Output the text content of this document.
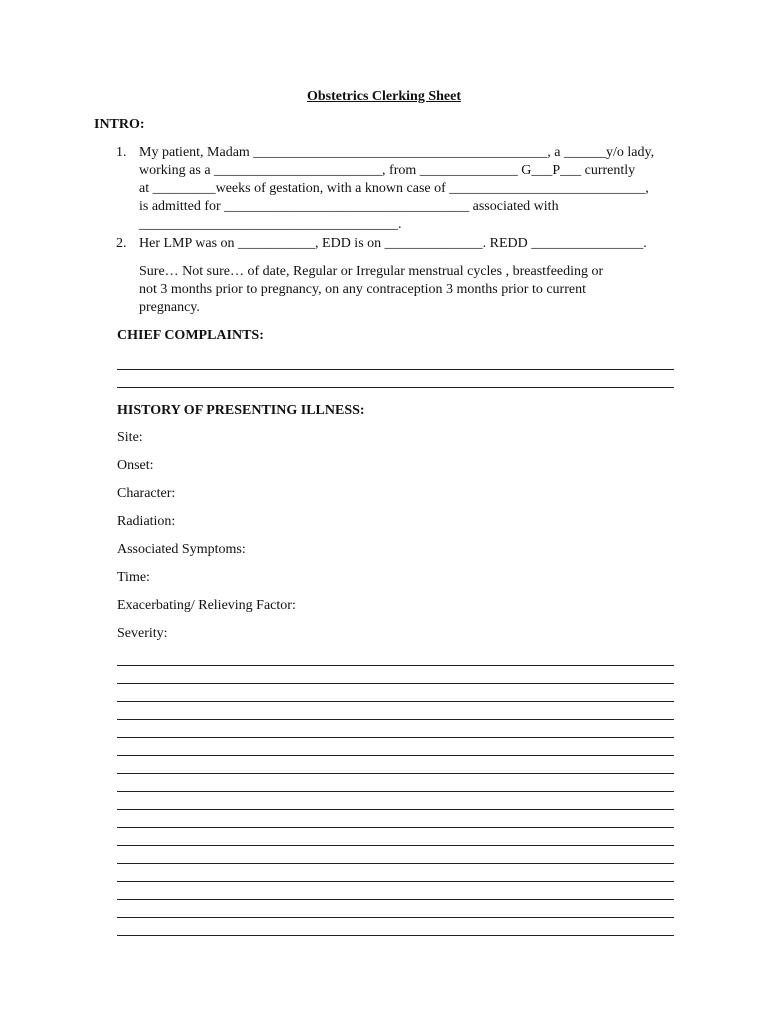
Obstetrics Clerking Sheet
INTRO:
1. My patient, Madam __________________________________________, a ______y/o lady,
working as a ________________________, from ______________ G___P___ currently
at _________weeks of gestation, with a known case of ____________________________,
is admitted for ___________________________________ associated with
_____________________________________.
2. Her LMP was on ___________, EDD is on ______________. REDD ________________.
Sure… Not sure… of date, Regular or Irregular menstrual cycles , breastfeeding or
not 3 months prior to pregnancy, on any contraception 3 months prior to current
pregnancy.
CHIEF COMPLAINTS:
HISTORY OF PRESENTING ILLNESS:
Site:
Onset:
Character:
Radiation:
Associated Symptoms:
Time:
Exacerbating/ Relieving Factor:
Severity:
